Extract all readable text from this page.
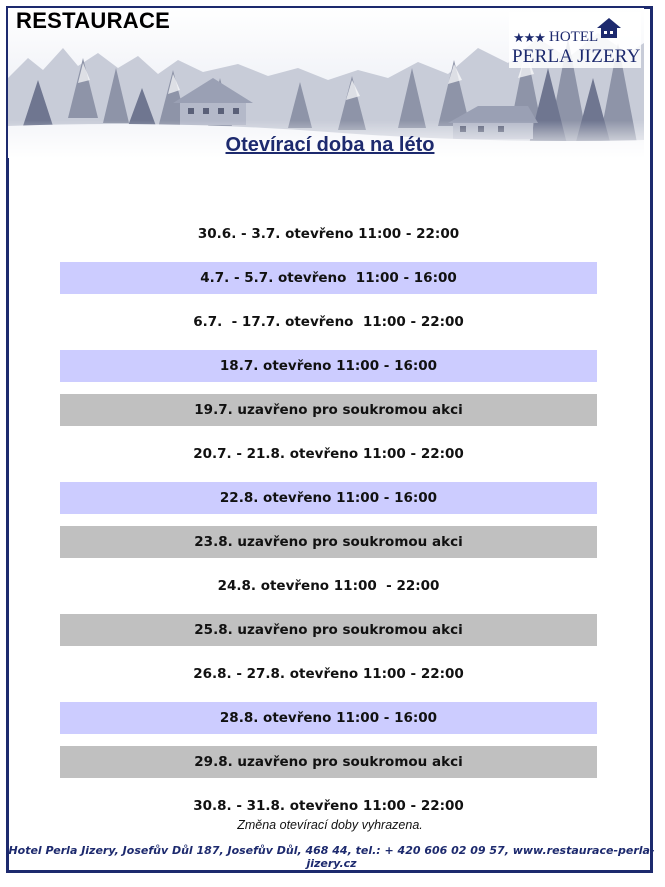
RESTAURACE
★★★ HOTEL
PERLA JIZERY
Otevírací doba na léto
30.6. - 3.7. otevřeno 11:00 - 22:00
4.7. - 5.7. otevřeno  11:00 - 16:00
6.7.  - 17.7. otevřeno  11:00 - 22:00
18.7. otevřeno 11:00 - 16:00
19.7. uzavřeno pro soukromou akci
20.7. - 21.8. otevřeno 11:00 - 22:00
22.8. otevřeno 11:00 - 16:00
23.8. uzavřeno pro soukromou akci
24.8. otevřeno 11:00  - 22:00
25.8. uzavřeno pro soukromou akci
26.8. - 27.8. otevřeno 11:00 - 22:00
28.8. otevřeno 11:00 - 16:00
29.8. uzavřeno pro soukromou akci
30.8. - 31.8. otevřeno 11:00 - 22:00
Změna otevírací doby vyhrazena.
Hotel Perla Jizery, Josefův Důl 187, Josefův Důl, 468 44, tel.: + 420 606 02 09 57, www.restaurace-perla-jizery.cz
